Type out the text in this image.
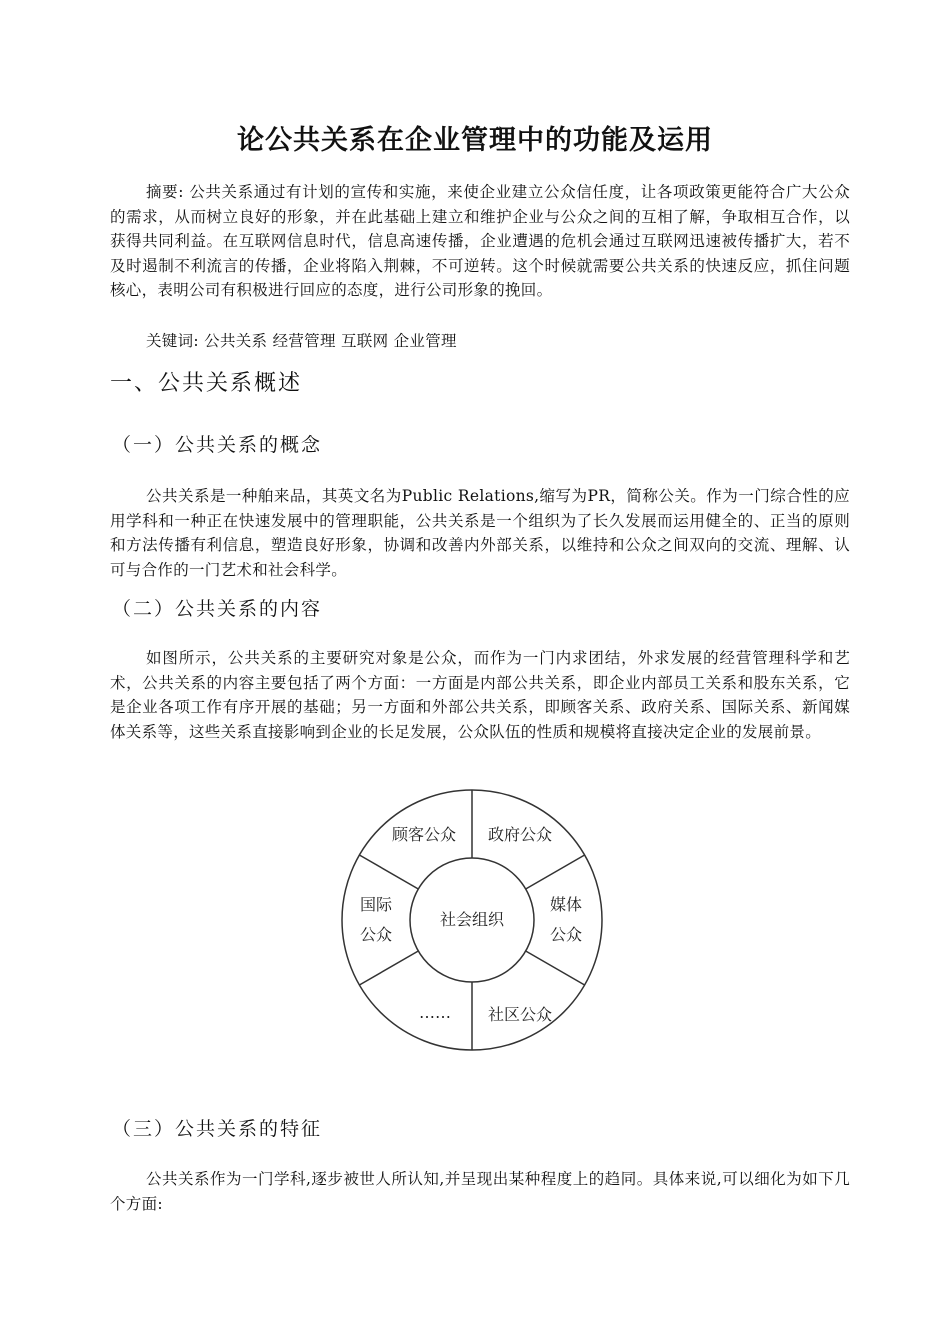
论公共关系在企业管理中的功能及运用
摘要: 公共关系通过有计划的宣传和实施，来使企业建立公众信任度，让各项政策更能符合广大公众的需求，从而树立良好的形象，并在此基础上建立和维护企业与公众之间的互相了解，争取相互合作，以获得共同利益。在互联网信息时代，信息高速传播，企业遭遇的危机会通过互联网迅速被传播扩大，若不及时遏制不利流言的传播，企业将陷入荆棘，不可逆转。这个时候就需要公共关系的快速反应，抓住问题核心，表明公司有积极进行回应的态度，进行公司形象的挽回。
关键词: 公共关系 经营管理 互联网 企业管理
一、公共关系概述
（一）公共关系的概念
公共关系是一种舶来品，其英文名为Public Relations,缩写为PR，简称公关。作为一门综合性的应用学科和一种正在快速发展中的管理职能，公共关系是一个组织为了长久发展而运用健全的、正当的原则和方法传播有利信息，塑造良好形象，协调和改善内外部关系，以维持和公众之间双向的交流、理解、认可与合作的一门艺术和社会科学。
（二）公共关系的内容
如图所示，公共关系的主要研究对象是公众，而作为一门内求团结，外求发展的经营管理科学和艺术，公共关系的内容主要包括了两个方面：一方面是内部公共关系，即企业内部员工关系和股东关系，它是企业各项工作有序开展的基础；另一方面和外部公共关系，即顾客关系、政府关系、国际关系、新闻媒体关系等，这些关系直接影响到企业的长足发展，公众队伍的性质和规模将直接决定企业的发展前景。
社会组织
顾客公众 政府公众
媒体
公众
社区公众
……
国际
公众
（三）公共关系的特征
公共关系作为一门学科,逐步被世人所认知,并呈现出某种程度上的趋同。具体来说,可以细化为如下几个方面:
